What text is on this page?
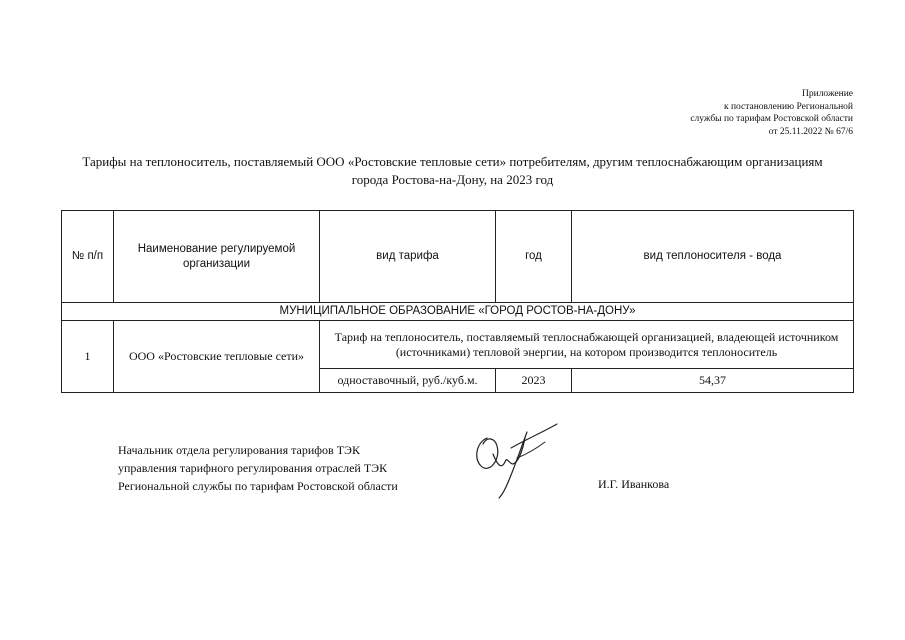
Приложение
к постановлению Региональной
службы по тарифам Ростовской области
от 25.11.2022 № 67/6
Тарифы на теплоноситель, поставляемый ООО «Ростовские тепловые сети» потребителям, другим теплоснабжающим организациям
города Ростова-на-Дону, на 2023 год
№ п/п	Наименование регулируемой организации	вид тарифа	год	вид теплоносителя - вода
МУНИЦИПАЛЬНОЕ ОБРАЗОВАНИЕ «ГОРОД РОСТОВ-НА-ДОНУ»				
1	ООО «Ростовские тепловые сети»	Тариф на теплоноситель, поставляемый теплоснабжающей организацией, владеющей источником (источниками) тепловой энергии, на котором производится теплоноситель		
		одноставочный, руб./куб.м.	2023	54,37
Начальник отдела регулирования тарифов ТЭК
управления тарифного регулирования отраслей ТЭК
Региональной службы по тарифам Ростовской области	И.Г. Иванкова
